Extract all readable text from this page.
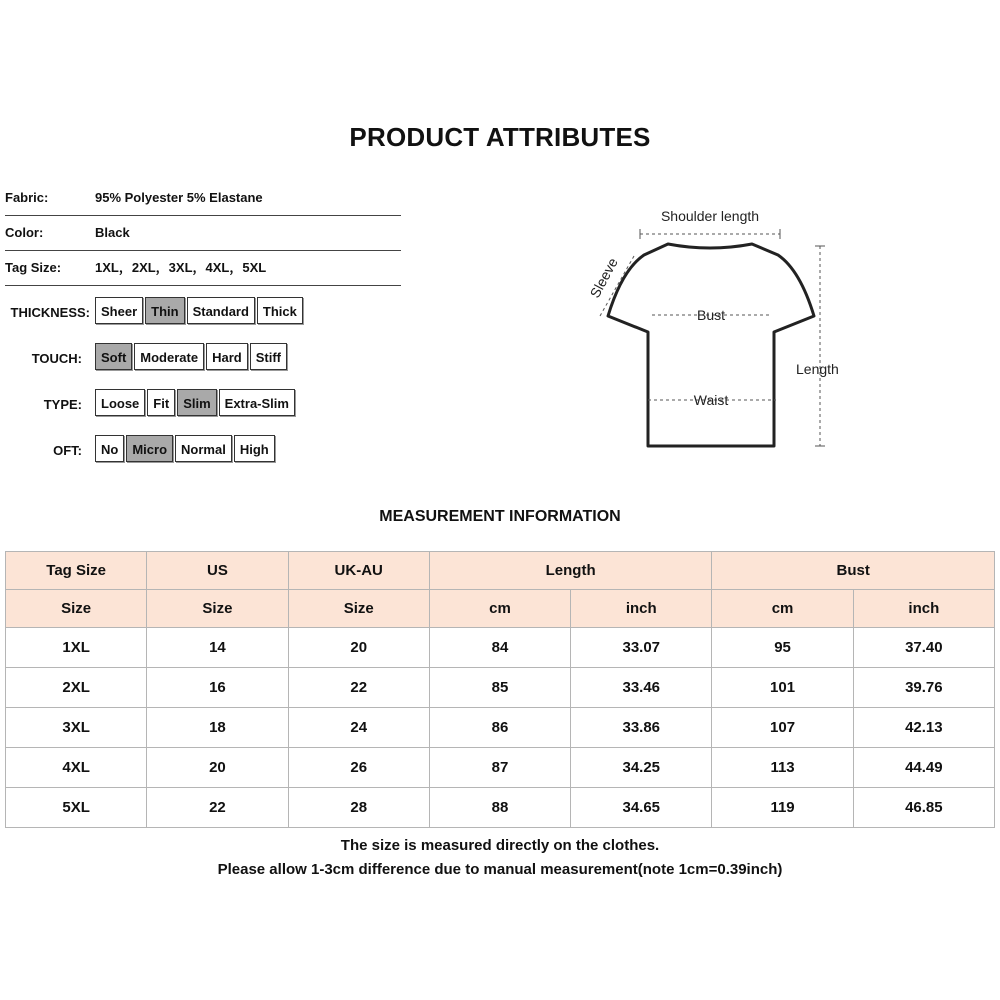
PRODUCT ATTRIBUTES
Fabric:	95% Polyester 5% Elastane
Color:	Black
Tag Size:	1XL，2XL，3XL，4XL，5XL
THICKNESS: Sheer	Thin	Standard	Thick
TOUCH:	Soft	Moderate	Hard	Stiff
TYPE:	Loose	Fit	Slim	Extra-Slim
OFT:	No	Micro	Normal	High
Shoulder length
Bust
Waist
Length
Sleeve
MEASUREMENT INFORMATION
Tag Size	US	UK-AU	Length		Bust	
Size	Size	Size	cm	inch	cm	inch
1XL	14	20	84	33.07	95	37.40
2XL	16	22	85	33.46	101	39.76
3XL	18	24	86	33.86	107	42.13
4XL	20	26	87	34.25	113	44.49
5XL	22	28	88	34.65	119	46.85
The size is measured directly on the clothes.
Please allow 1-3cm difference due to manual measurement(note 1cm=0.39inch)
